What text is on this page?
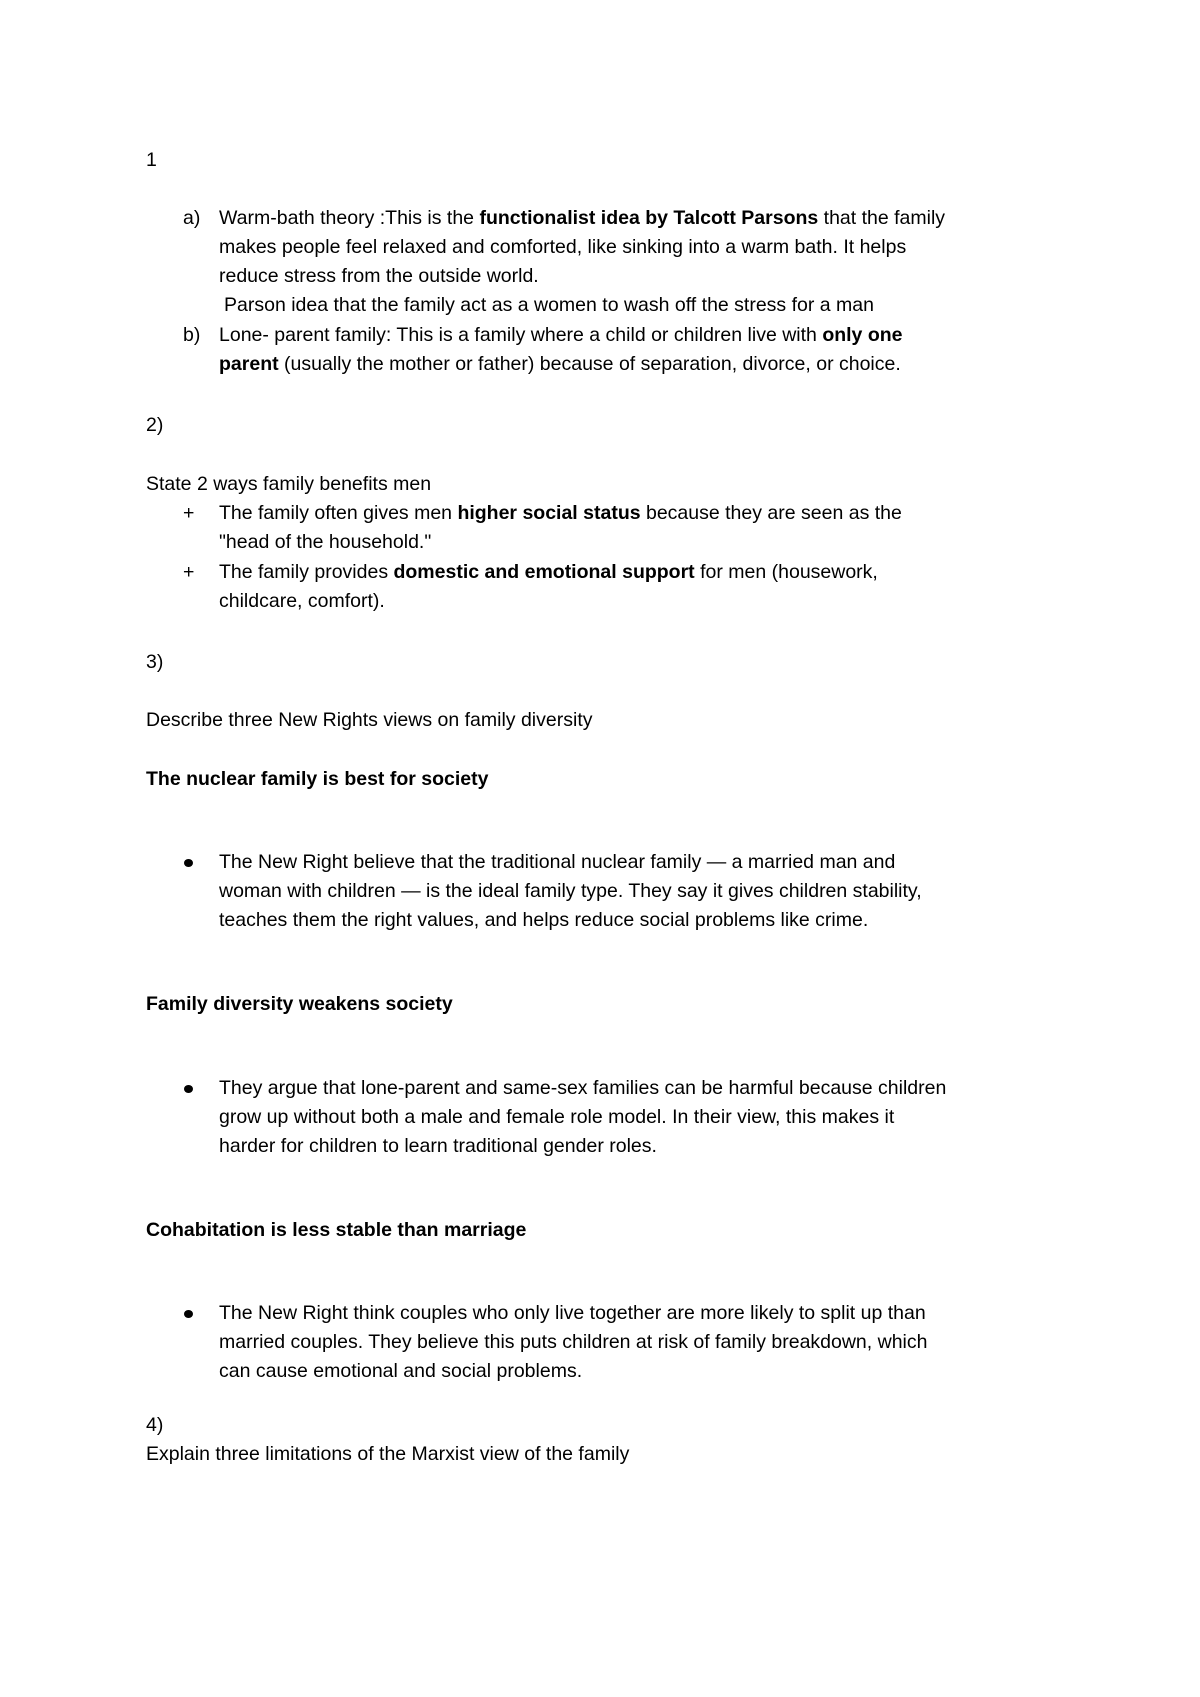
1
a) Warm-bath theory :This is the functionalist idea by Talcott Parsons that the family
makes people feel relaxed and comforted, like sinking into a warm bath. It helps
reduce stress from the outside world.
Parson idea that the family act as a women to wash off the stress for a man
b) Lone- parent family: This is a family where a child or children live with only one
parent (usually the mother or father) because of separation, divorce, or choice.
2)
State 2 ways family benefits men
+ The family often gives men higher social status because they are seen as the
"head of the household."
+ The family provides domestic and emotional support for men (housework,
childcare, comfort).
3)
Describe three New Rights views on family diversity
The nuclear family is best for society
The New Right believe that the traditional nuclear family — a married man and
woman with children — is the ideal family type. They say it gives children stability,
teaches them the right values, and helps reduce social problems like crime.
Family diversity weakens society
They argue that lone-parent and same-sex families can be harmful because children
grow up without both a male and female role model. In their view, this makes it
harder for children to learn traditional gender roles.
Cohabitation is less stable than marriage
The New Right think couples who only live together are more likely to split up than
married couples. They believe this puts children at risk of family breakdown, which
can cause emotional and social problems.
4)
Explain three limitations of the Marxist view of the family
